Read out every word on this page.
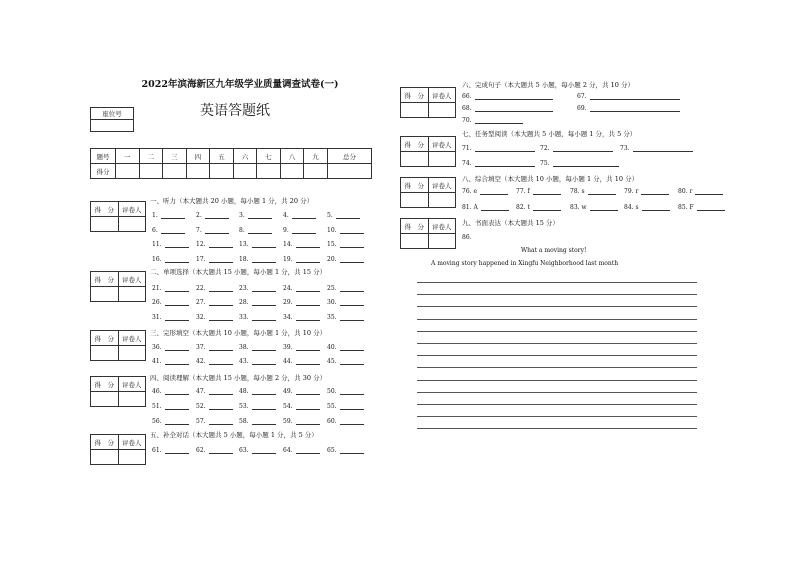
2022年滨海新区九年级学业质量调查试卷(一)
英语答题纸
座位号

题号	一	二	三	四	五	六	七	八	九	总分
得分										
得　分	评卷人

一、听力（本大题共 20 小题，每小题 1 分，共 20 分）
1.	2.	3.	4.	5.
6.	7.	8.	9.	10.
11.	12.	13.	14.	15.
16.	17.	18.	19.	20.
得　分	评卷人

二、单项选择（本大题共 15 小题，每小题 1 分，共 15 分）
21.	22.	23.	24.	25.
26.	27.	28.	29.	30.
31.	32.	33.	34.	35.
得　分	评卷人

三、完形填空（本大题共 10 小题，每小题 1 分，共 10 分）
36.	37.	38.	39.	40.
41.	42.	43.	44.	45.
得　分	评卷人

四、阅读理解（本大题共 15 小题，每小题 2 分，共 30 分）
46.	47.	48.	49.	50.
51.	52.	53.	54.	55.
56.	57.	58.	59.	60.
得　分	评卷人

五、补全对话（本大题共 5 小题，每小题 1 分，共 5 分）
61.	62.	63.	64.	65.
得　分	评卷人

六、完成句子（本大题共 5 小题，每小题 2 分，共 10 分）
66.	67.
68.	69.
70.
得　分	评卷人

七、任务型阅读（本大题共 5 小题，每小题 1 分，共 5 分）
71.	72.	73.
74.	75.
得　分	评卷人

八、综合填空（本大题共 10 小题，每小题 1 分，共 10 分）
76. e	77. f	78. s	79. r	80. r
81. A	82. t	83. w	84. s	85. F
得　分	评卷人
	九、书面表达（本大题共 15 分）
86.
What a moving story!
A moving story happened in Xingfu Neighborhood last month
